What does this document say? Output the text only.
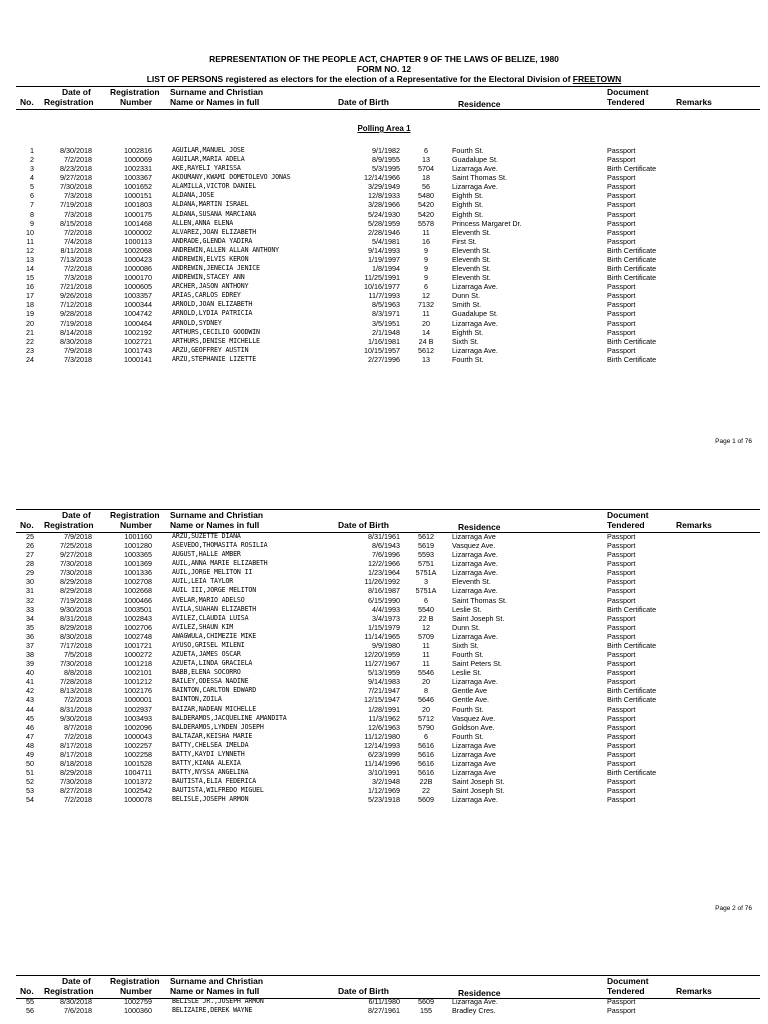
REPRESENTATION OF THE PEOPLE ACT, CHAPTER 9 OF THE LAWS OF BELIZE, 1980
FORM NO. 12
LIST OF PERSONS registered as electors for the election of a Representative for the Electoral Division of FREETOWN
Date of
No. Registration
Registration
Number
Surname and Christian
Name or Names in full	Date of Birth	Residence
Document
Tendered	Remarks
Polling Area 1
1	8/30/2018	1002816	AGUILAR,MANUEL JOSE	9/1/1982	6	Fourth St.	Passport
2	7/2/2018	1000069	AGUILAR,MARIA ADELA	8/9/1955	13	Guadalupe St.	Passport
3	8/23/2018	1002331	AKE,RAYELI YARISSA	5/3/1995	5704	Lizarraga Ave.	Birth Certificate
4	9/27/2018	1003367	AKOUMANY,KWAMI DOMETOLEVO JONAS	12/14/1966	18	Saint Thomas St.	Passport
5	7/30/2018	1001652	ALAMILLA,VICTOR DANIEL	3/29/1949	56	Lizarraga Ave.	Passport
6	7/3/2018	1000151	ALDANA,JOSE	12/8/1933	5480	Eighth St.	Passport
7	7/19/2018	1001803	ALDANA,MARTIN ISRAEL	3/28/1966	5420	Eighth St.	Passport
8	7/3/2018	1000175	ALDANA,SUSANA MARCIANA	5/24/1930	5420	Eighth St.	Passport
9	8/15/2018	1001468	ALLEN,ANNA ELENA	5/28/1959	5578	Princess Margaret Dr.	Passport
10	7/2/2018	1000002	ALVAREZ,JOAN ELIZABETH	2/28/1946	11	Eleventh St.	Passport
11	7/4/2018	1000113	ANDRADE,GLENDA YADIRA	5/4/1981	16	First St.	Passport
12	8/11/2018	1002068	ANDREWIN,ALLEN ALLAN ANTHONY	9/14/1993	9	Eleventh St.	Birth Certificate
13	7/13/2018	1000423	ANDREWIN,ELVIS KERON	1/19/1997	9	Eleventh St.	Birth Certificate
14	7/2/2018	1000086	ANDREWIN,JENECIA JENICE	1/8/1994	9	Eleventh St.	Birth Certificate
15	7/3/2018	1000170	ANDREWIN,STACEY ANN	11/25/1991	9	Eleventh St.	Birth Certificate
16	7/21/2018	1000605	ARCHER,JASON ANTHONY	10/16/1977	6	Lizarraga Ave.	Passport
17	9/26/2018	1003357	ARIAS,CARLOS EDREY	11/7/1993	12	Dunn St.	Passport
18	7/12/2018	1000344	ARNOLD,JOAN ELIZABETH	8/5/1963	7132	Smith St.	Passport
19	9/28/2018	1004742	ARNOLD,LYDIA PATRICIA	8/3/1971	11	Guadalupe St.	Passport
20	7/19/2018	1000464	ARNOLD,SYDNEY	3/5/1951	20	Lizarraga Ave.	Passport
21	8/14/2018	1002192	ARTHURS,CECILIO GOODWIN	2/1/1948	14	Eighth St.	Passport
22	8/30/2018	1002721	ARTHURS,DENISE MICHELLE	1/16/1981	24 B	Sixth St.	Birth Certificate
23	7/9/2018	1001743	ARZU,GEOFFREY AUSTIN	10/15/1957	5612	Lizarraga Ave.	Passport
24	7/3/2018	1000141	ARZU,STEPHANIE LIZETTE	2/27/1996	13	Fourth St.	Birth Certificate
Page 1 of 76
Date of
No. Registration
Registration
Number
Surname and Christian
Name or Names in full	Date of Birth	Residence
Document
Tendered	Remarks
25	7/9/2018	1001160	ARZU,SUZETTE DIANA	8/31/1961	5612	Lizarraga Ave	Passport
26	7/25/2018	1001280	ASEVEDO,THOMASITA ROSILIA	8/6/1943	5619	Vasquez Ave.	Passport
27	9/27/2018	1003365	AUGUST,HALLE AMBER	7/6/1996	5593	Lizarraga Ave.	Passport
28	7/30/2018	1001369	AUIL,ANNA MARIE ELIZABETH	12/2/1966	5751	Lizarraga Ave.	Passport
29	7/30/2018	1001336	AUIL,JORGE MELITON II	1/23/1964	5751A	Lizarraga Ave.	Passport
30	8/29/2018	1002708	AUIL,LEIA TAYLOR	11/26/1992	3	Eleventh St.	Passport
31	8/29/2018	1002668	AUIL III,JORGE MELITON	8/16/1987	5751A	Lizarraga Ave.	Passport
32	7/19/2018	1000466	AVELAR,MARIO ADELSO	6/15/1990	6	Saint Thomas St.	Passport
33	9/30/2018	1003501	AVILA,SUAHAN ELIZABETH	4/4/1993	5540	Leslie St.	Birth Certificate
34	8/31/2018	1002843	AVILEZ,CLAUDIA LUISA	3/4/1973	22 B	Saint Joseph St.	Passport
35	8/29/2018	1002706	AVILEZ,SHAUN KIM	1/15/1979	12	Dunn St.	Passport
36	8/30/2018	1002748	AWAGWULA,CHIMEZIE MIKE	11/14/1965	5709	Lizarraga Ave.	Passport
37	7/17/2018	1001721	AYUSO,GRISEL MILENI	9/9/1980	11	Sixth St.	Birth Certificate
38	7/5/2018	1000272	AZUETA,JAMES OSCAR	12/20/1959	11	Fourth St.	Passport
39	7/30/2018	1001218	AZUETA,LINDA GRACIELA	11/27/1967	11	Saint Peters St.	Passport
40	8/8/2018	1002101	BABB,ELENA SOCORRO	5/13/1959	5546	Leslie St.	Passport
41	7/28/2018	1001212	BAILEY,ODESSA NADINE	9/14/1983	20	Lizarraga Ave.	Passport
42	8/13/2018	1002176	BAINTON,CARLTON EDWARD	7/21/1947	8	Gentle Ave	Birth Certificate
43	7/2/2018	1000001	BAINTON,ZOILA	12/15/1947	5646	Gentle Ave.	Birth Certificate
44	8/31/2018	1002937	BAIZAR,NADEAN MICHELLE	1/28/1991	20	Fourth St.	Passport
45	9/30/2018	1003493	BALDERAMOS,JACQUELINE AMANDITA	11/3/1962	5712	Vasquez Ave.	Passport
46	8/7/2018	1002096	BALDERAMOS,LYNDEN JOSEPH	12/6/1963	5790	Goldson Ave.	Passport
47	7/2/2018	1000043	BALTAZAR,KEISHA MARIE	11/12/1980	6	Fourth St.	Passport
48	8/17/2018	1002257	BATTY,CHELSEA IMELDA	12/14/1993	5616	Lizarraga Ave	Passport
49	8/17/2018	1002258	BATTY,KAYDI LYNNETH	6/23/1999	5616	Lizarraga Ave	Passport
50	8/18/2018	1001528	BATTY,KIANA ALEXIA	11/14/1996	5616	Lizarraga Ave	Passport
51	8/29/2018	1004711	BATTY,NYSSA ANGELINA	3/10/1991	5616	Lizarraga Ave	Birth Certificate
52	7/30/2018	1001372	BAUTISTA,ELIA FEDERICA	3/2/1948	22B	Saint Joseph St.	Passport
53	8/27/2018	1002542	BAUTISTA,WILFREDO MIGUEL	1/12/1969	22	Saint Joseph St.	Passport
54	7/2/2018	1000078	BELISLE,JOSEPH ARMON	5/23/1918	5609	Lizarraga Ave.	Passport
Page 2 of 76
Date of
No. Registration
Registration
Number
Surname and Christian
Name or Names in full	Date of Birth	Residence
Document
Tendered	Remarks
55	8/30/2018	1002759	BELISLE JR.,JOSEPH ARMON	6/11/1980	5609	Lizarraga Ave.	Passport
56	7/6/2018	1000360	BELIZAIRE,DEREK WAYNE	8/27/1961	155	Bradley Cres.	Passport
